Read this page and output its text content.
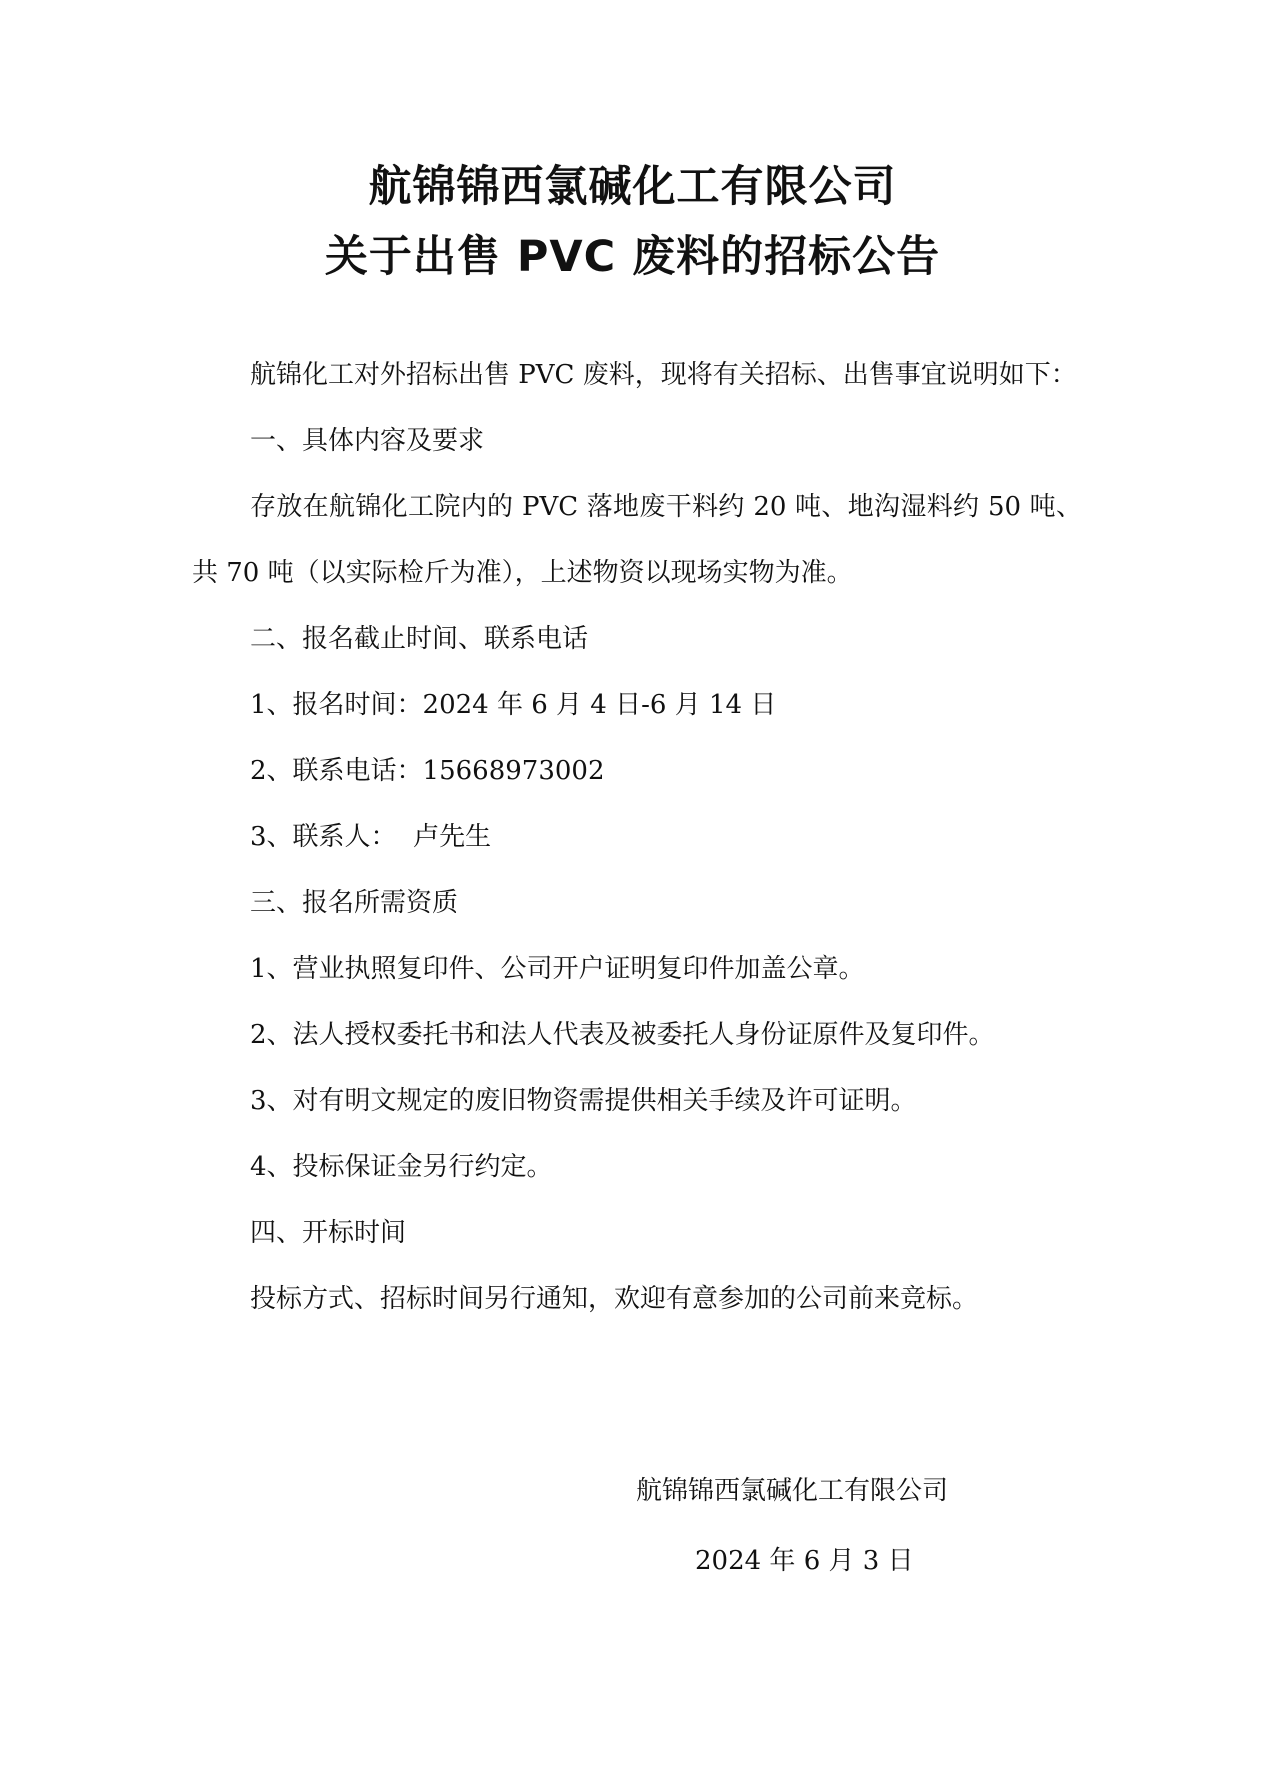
航锦锦西氯碱化工有限公司
关于出售 PVC 废料的招标公告

航锦化工对外招标出售 PVC 废料，现将有关招标、出售事宜说明如下：

一、具体内容及要求

存放在航锦化工院内的 PVC 落地废干料约 20 吨、地沟湿料约 50 吨、共 70 吨（以实际检斤为准），上述物资以现场实物为准。

二、报名截止时间、联系电话

1、报名时间：2024 年 6 月 4 日-6 月 14 日

2、联系电话：15668973002

3、联系人：  卢先生

三、报名所需资质

1、营业执照复印件、公司开户证明复印件加盖公章。

2、法人授权委托书和法人代表及被委托人身份证原件及复印件。

3、对有明文规定的废旧物资需提供相关手续及许可证明。

4、投标保证金另行约定。

四、开标时间

投标方式、招标时间另行通知，欢迎有意参加的公司前来竞标。

航锦锦西氯碱化工有限公司
2024 年 6 月 3 日
